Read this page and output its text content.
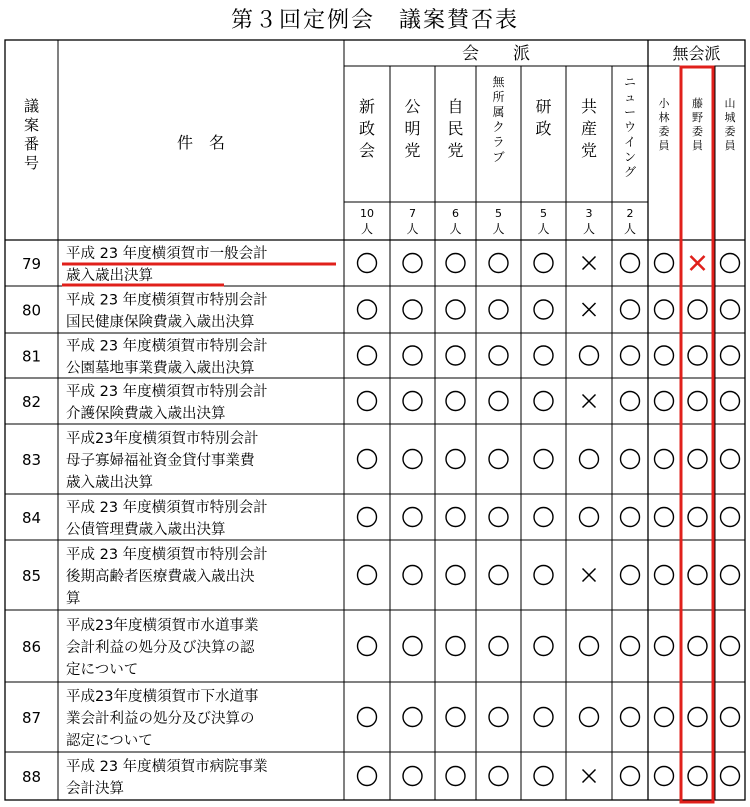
第３回定例会　議案賛否表
議案番号
件　名
会　　派	無会派
新政会
10
人
公明党
7
人
自民党
6
人
無所属クラブ
5
人
研政
5
人
共産党
3
人
ニューウイング
2
人
小林委員
藤野委員
山城委員
79
平成 23 年度横須賀市一般会計
歳入歳出決算
80
平成 23 年度横須賀市特別会計
国民健康保険費歳入歳出決算
81
平成 23 年度横須賀市特別会計
公園墓地事業費歳入歳出決算
82
平成 23 年度横須賀市特別会計
介護保険費歳入歳出決算
83
平成23年度横須賀市特別会計
母子寡婦福祉資金貸付事業費
歳入歳出決算
84
平成 23 年度横須賀市特別会計
公債管理費歳入歳出決算
85
平成 23 年度横須賀市特別会計
後期高齢者医療費歳入歳出決
算
86
平成23年度横須賀市水道事業
会計利益の処分及び決算の認
定について
87
平成23年度横須賀市下水道事
業会計利益の処分及び決算の
認定について
88
平成 23 年度横須賀市病院事業
会計決算
